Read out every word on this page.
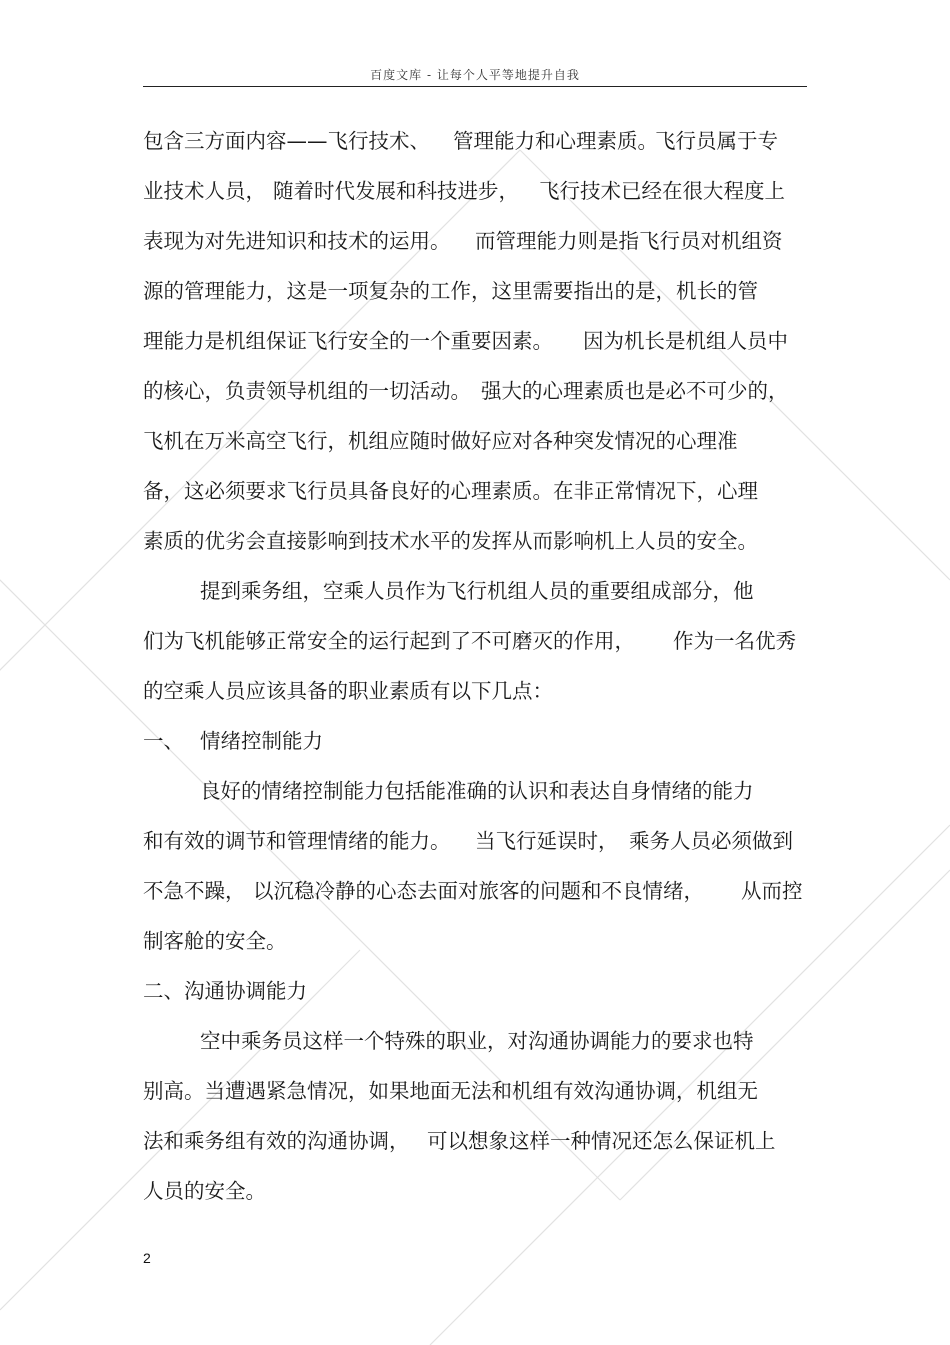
百度文库 - 让每个人平等地提升自我
包含三方面内容——飞行技术、 管理能力和心理素质。
飞行员属于专
业技术人员， 随着时代发展和科技进步， 飞行技术已经在很大程度上
表现为对先进知识和技术的运用。 而管理能力则是指飞行员对机组资
源的管理能力，这是一项复杂的工作，这里需要指出的是，机长的管
理能力是机组保证飞行安全的一个重要因素。 因为机长是机组人员中
的核心，负责领导机组的一切活动。 强大的心理素质也是必不可少的，
飞机在万米高空飞行，机组应随时做好应对各种突发情况的心理准
备，这必须要求飞行员具备良好的心理素质。在非正常情况下，心理
素质的优劣会直接影响到技术水平的发挥从而影响机上人员的安全。
提到乘务组，空乘人员作为飞行机组人员的重要组成部分，他
们为飞机能够正常安全的运行起到了不可磨灭的作用， 作为一名优秀
的空乘人员应该具备的职业素质有以下几点：
一、 情绪控制能力
良好的情绪控制能力包括能准确的认识和表达自身情绪的能力
和有效的调节和管理情绪的能力。 当飞行延误时， 乘务人员必须做到
不急不躁， 以沉稳冷静的心态去面对旅客的问题和不良情绪， 从而控
制客舱的安全。
二、沟通协调能力
空中乘务员这样一个特殊的职业，对沟通协调能力的要求也特
别高。当遭遇紧急情况，如果地面无法和机组有效沟通协调，机组无
法和乘务组有效的沟通协调， 可以想象这样一种情况还怎么保证机上
人员的安全。
2
